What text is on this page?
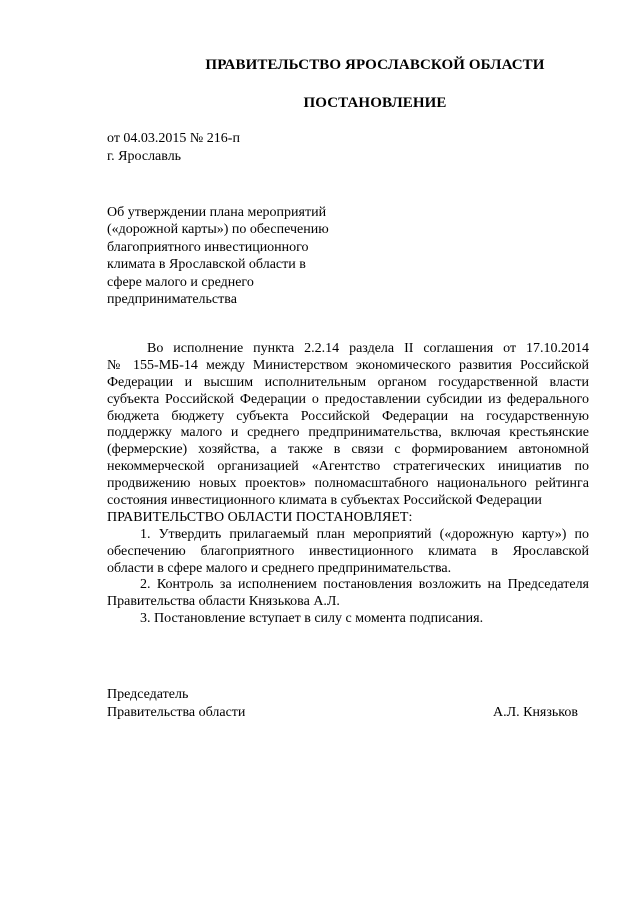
ПРАВИТЕЛЬСТВО ЯРОСЛАВСКОЙ ОБЛАСТИ
ПОСТАНОВЛЕНИЕ
от 04.03.2015 № 216-п
г. Ярославль
Об утверждении плана мероприятий
(«дорожной карты») по обеспечению
благоприятного инвестиционного
климата в Ярославской области в
сфере малого и среднего
предпринимательства
Во исполнение пункта 2.2.14 раздела II соглашения от 17.10.2014
№ 155-МБ-14 между Министерством экономического развития Российской
Федерации и высшим исполнительным органом государственной власти
субъекта Российской Федерации о предоставлении субсидии из федерального
бюджета бюджету субъекта Российской Федерации на государственную
поддержку малого и среднего предпринимательства, включая крестьянские
(фермерские) хозяйства, а также в связи с формированием автономной
некоммерческой организацией «Агентство стратегических инициатив по
продвижению новых проектов» полномасштабного национального рейтинга
состояния инвестиционного климата в субъектах Российской Федерации
ПРАВИТЕЛЬСТВО ОБЛАСТИ ПОСТАНОВЛЯЕТ:
1. Утвердить прилагаемый план мероприятий («дорожную карту») по
обеспечению благоприятного инвестиционного климата в Ярославской
области в сфере малого и среднего предпринимательства.
2. Контроль за исполнением постановления возложить на Председателя
Правительства области Князькова А.Л.
3. Постановление вступает в силу с момента подписания.
Председатель
Правительства области	А.Л. Князьков
